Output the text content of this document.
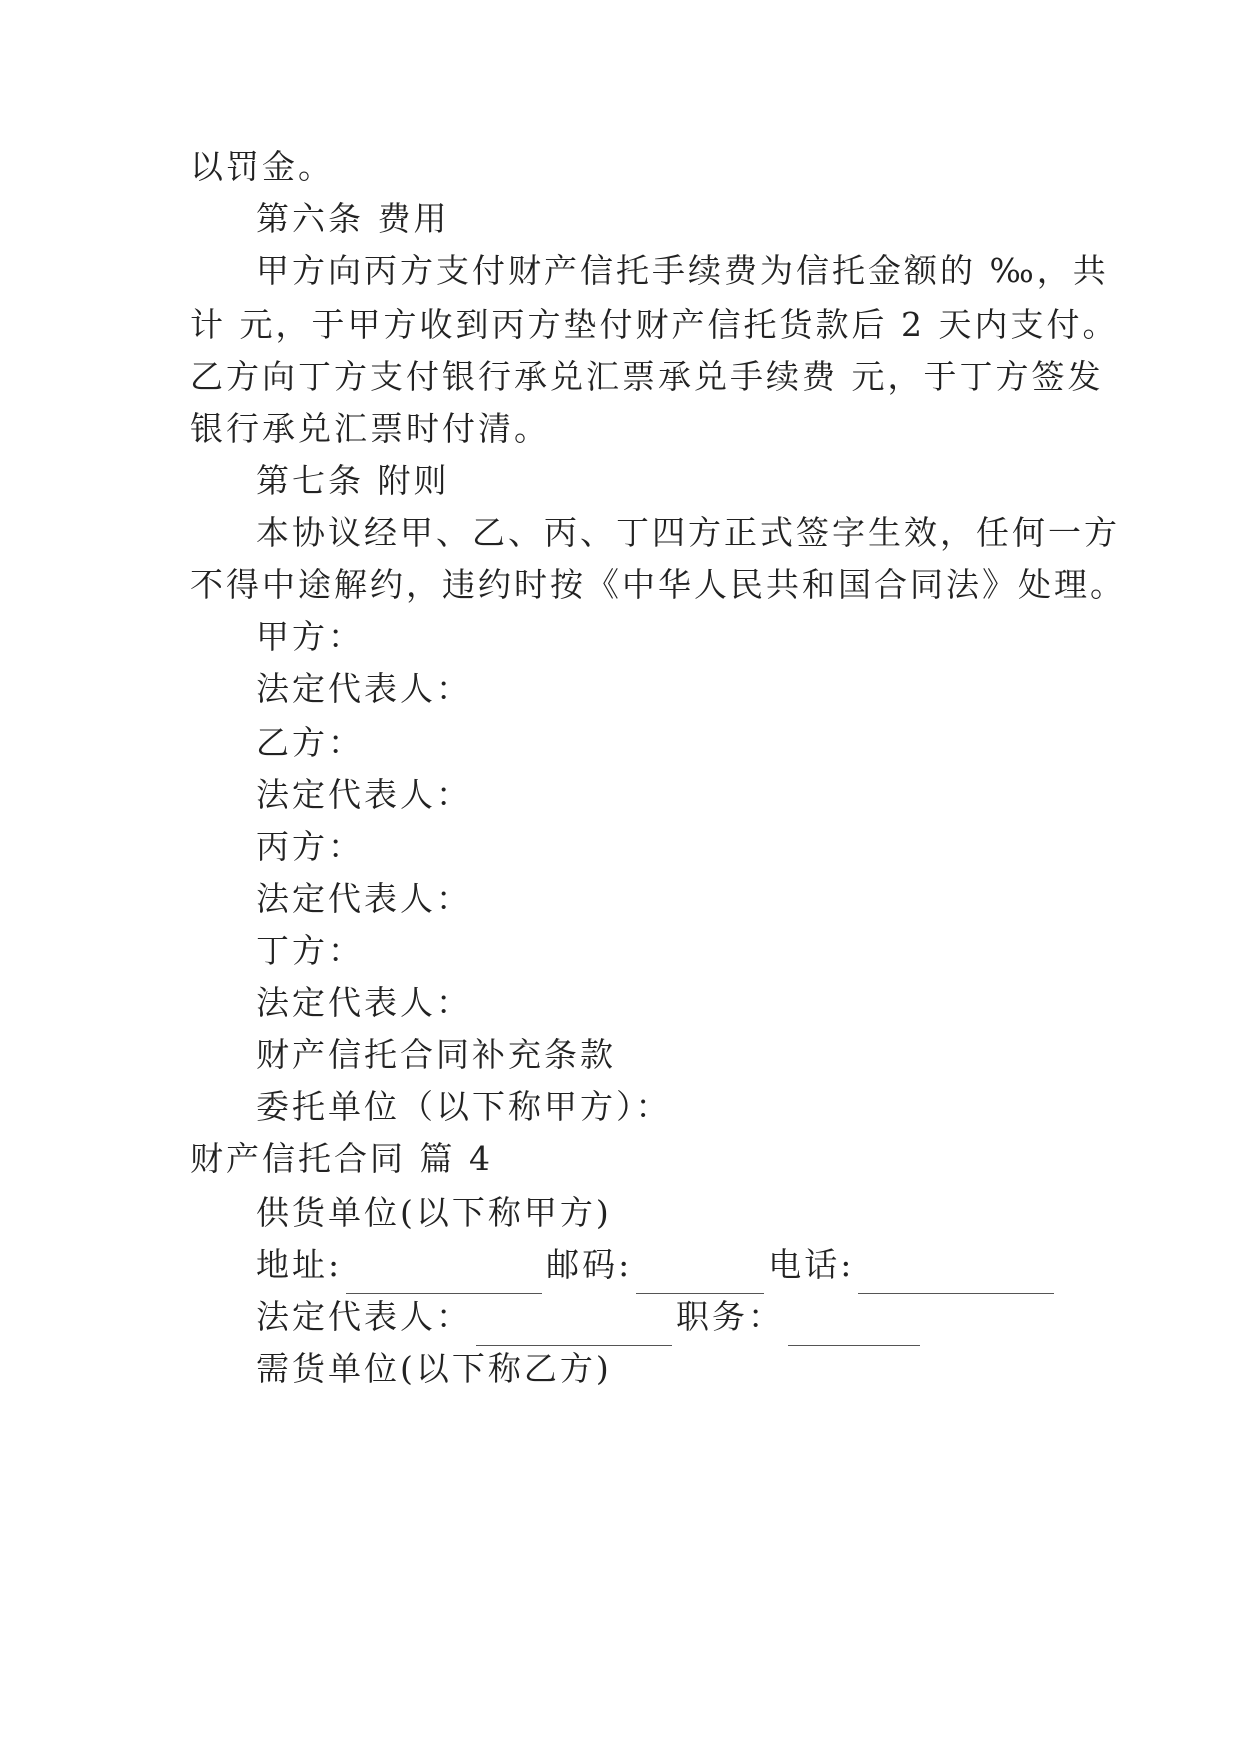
以罚金。
第六条 费用
甲方向丙方支付财产信托手续费为信托金额的 ‰，共
计 元，于甲方收到丙方垫付财产信托货款后 2 天内支付。
乙方向丁方支付银行承兑汇票承兑手续费 元，于丁方签发
银行承兑汇票时付清。
第七条 附则
本协议经甲、乙、丙、丁四方正式签字生效，任何一方
不得中途解约，违约时按《中华人民共和国合同法》处理。
甲方：
法定代表人：
乙方：
法定代表人：
丙方：
法定代表人：
丁方：
法定代表人：
财产信托合同补充条款
委托单位（以下称甲方）：
财产信托合同 篇 4
供货单位(以下称甲方)
地址:	邮码:	电话:
法定代表人：	职务：
需货单位(以下称乙方)
